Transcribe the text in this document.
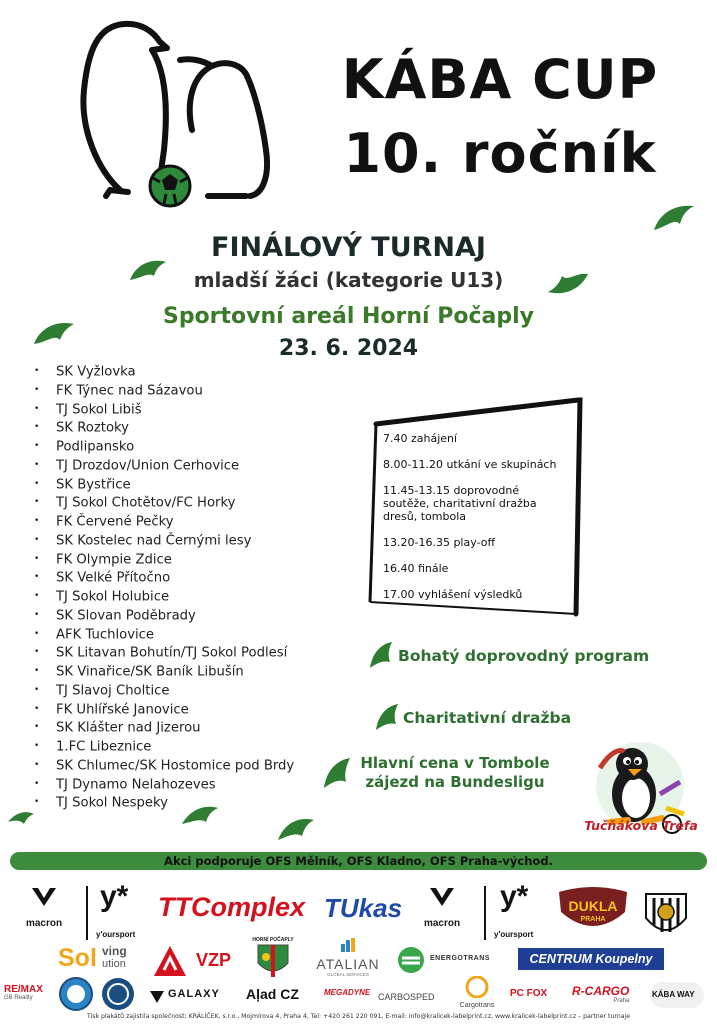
KÁBA CUP
10. ročník
FINÁLOVÝ TURNAJ
mladší žáci (kategorie U13)
Sportovní areál Horní Počaply
23. 6. 2024
• SK Vyžlovka
• FK Týnec nad Sázavou
• TJ Sokol Libiš
• SK Roztoky
• Podlipansko
• TJ Drozdov/Union Cerhovice
• SK Bystřice
• TJ Sokol Chotětov/FC Horky
• FK Červené Pečky
• SK Kostelec nad Černými lesy
• FK Olympie Zdice
• SK Velké Přítočno
• TJ Sokol Holubice
• SK Slovan Poděbrady
• AFK Tuchlovice
• SK Litavan Bohutín/TJ Sokol Podlesí
• SK Vinařice/SK Baník Libušín
• TJ Slavoj Choltice
• FK Uhlířské Janovice
• SK Klášter nad Jizerou
• 1.FC Libeznice
• SK Chlumec/SK Hostomice pod Brdy
• TJ Dynamo Nelahozeves
• TJ Sokol Nespeky
7.40 zahájení
8.00-11.20 utkání ve skupinách
11.45-13.15 doprovodné soutěže, charitativní dražba dresů, tombola
13.20-16.35 play-off
16.40 finále
17.00 vyhlášení výsledků
Bohatý doprovodný program
Charitativní dražba
Hlavní cena v Tombole
zájezd na Bundesligu
Tučňákova Trefa
Akci podporuje OFS Mělník, OFS Kladno, OFS Praha-východ.
macron
y*
y'oursport
TTComplex TUkas
macron
y*
y'oursport
DUKLA
PRAHA
Sol ving
ution	VZP
HORNÍ POČAPLY
ATALIAN
GLOBAL SERVICES
ENERGOTRANS	CENTRUM Koupelny
RE/MAX
GB Reality	GALAXY Aļad CZ	MEGADYNE CARBOSPED
Cargotrans
PC FOX R-CARGO
Praha
KÁBA WAY
Tisk plakátů zajistila společnost: KRÁLÍČEK, s.r.o., Mojmírova 4, Praha 4, Tel: +420 261 220 091, E-mail: info@kralicek-labelprint.cz, www.kralicek-labelprint.cz – partner turnaje
